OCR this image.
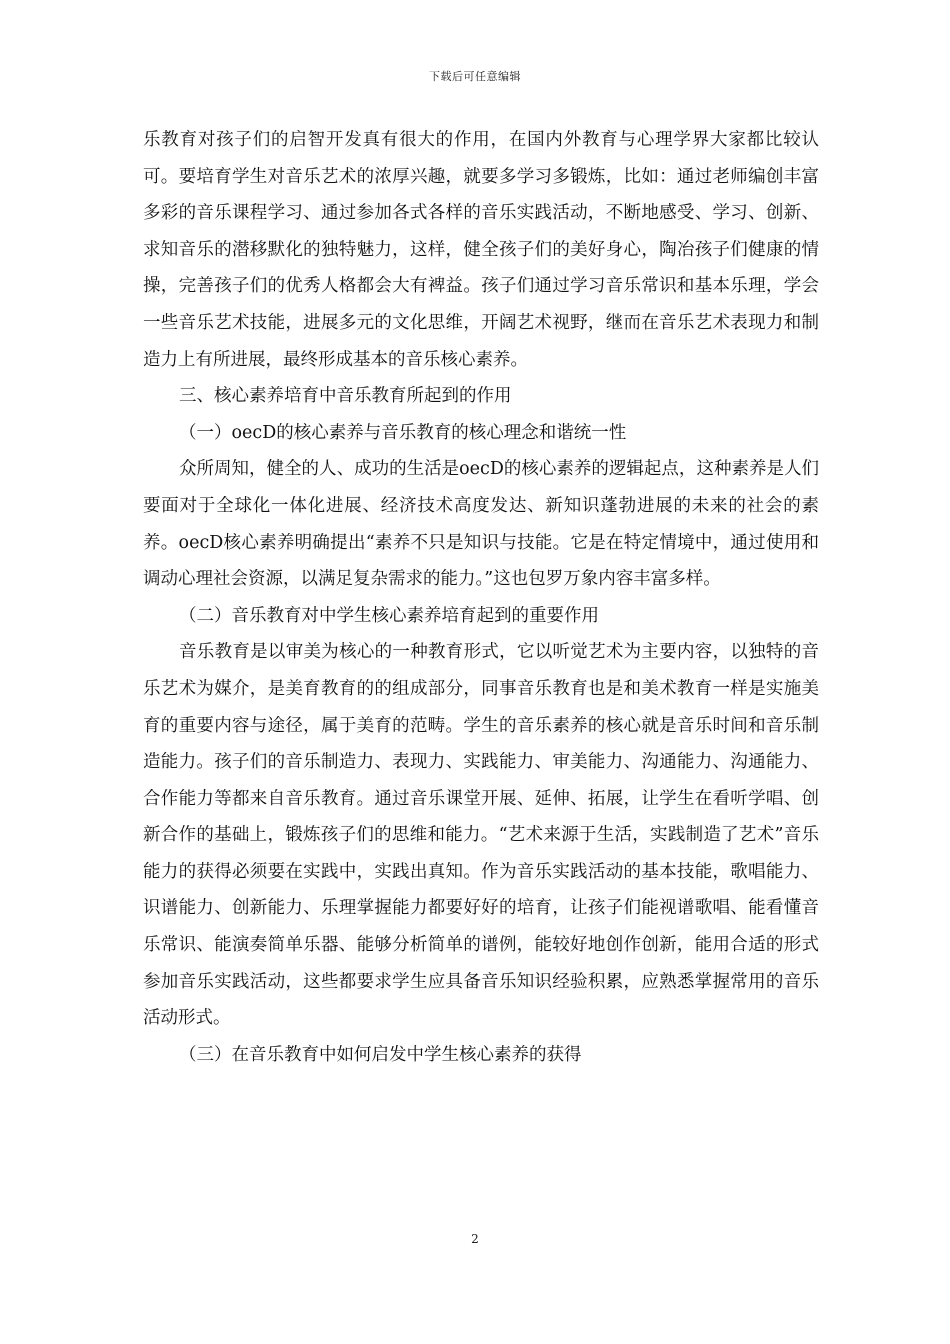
下载后可任意编辑

乐教育对孩子们的启智开发真有很大的作用，在国内外教育与心理学界大家都比较认可。要培育学生对音乐艺术的浓厚兴趣，就要多学习多锻炼，比如：通过老师编创丰富多彩的音乐课程学习、通过参加各式各样的音乐实践活动，不断地感受、学习、创新、求知音乐的潜移默化的独特魅力，这样，健全孩子们的美好身心，陶冶孩子们健康的情操，完善孩子们的优秀人格都会大有裨益。孩子们通过学习音乐常识和基本乐理，学会一些音乐艺术技能，进展多元的文化思维，开阔艺术视野，继而在音乐艺术表现力和制造力上有所进展，最终形成基本的音乐核心素养。

三、核心素养培育中音乐教育所起到的作用

（一）oecD的核心素养与音乐教育的核心理念和谐统一性

众所周知，健全的人、成功的生活是oecD的核心素养的逻辑起点，这种素养是人们要面对于全球化一体化进展、经济技术高度发达、新知识蓬勃进展的未来的社会的素养。oecD核心素养明确提出“素养不只是知识与技能。它是在特定情境中，通过使用和调动心理社会资源，以满足复杂需求的能力。”这也包罗万象内容丰富多样。

（二）音乐教育对中学生核心素养培育起到的重要作用

音乐教育是以审美为核心的一种教育形式，它以听觉艺术为主要内容，以独特的音乐艺术为媒介，是美育教育的的组成部分，同事音乐教育也是和美术教育一样是实施美育的重要内容与途径，属于美育的范畴。学生的音乐素养的核心就是音乐时间和音乐制造能力。孩子们的音乐制造力、表现力、实践能力、审美能力、沟通能力、沟通能力、合作能力等都来自音乐教育。通过音乐课堂开展、延伸、拓展，让学生在看听学唱、创新合作的基础上，锻炼孩子们的思维和能力。“艺术来源于生活，实践制造了艺术”音乐能力的获得必须要在实践中，实践出真知。作为音乐实践活动的基本技能，歌唱能力、识谱能力、创新能力、乐理掌握能力都要好好的培育，让孩子们能视谱歌唱、能看懂音乐常识、能演奏简单乐器、能够分析简单的谱例，能较好地创作创新，能用合适的形式参加音乐实践活动，这些都要求学生应具备音乐知识经验积累，应熟悉掌握常用的音乐活动形式。

（三）在音乐教育中如何启发中学生核心素养的获得

2
